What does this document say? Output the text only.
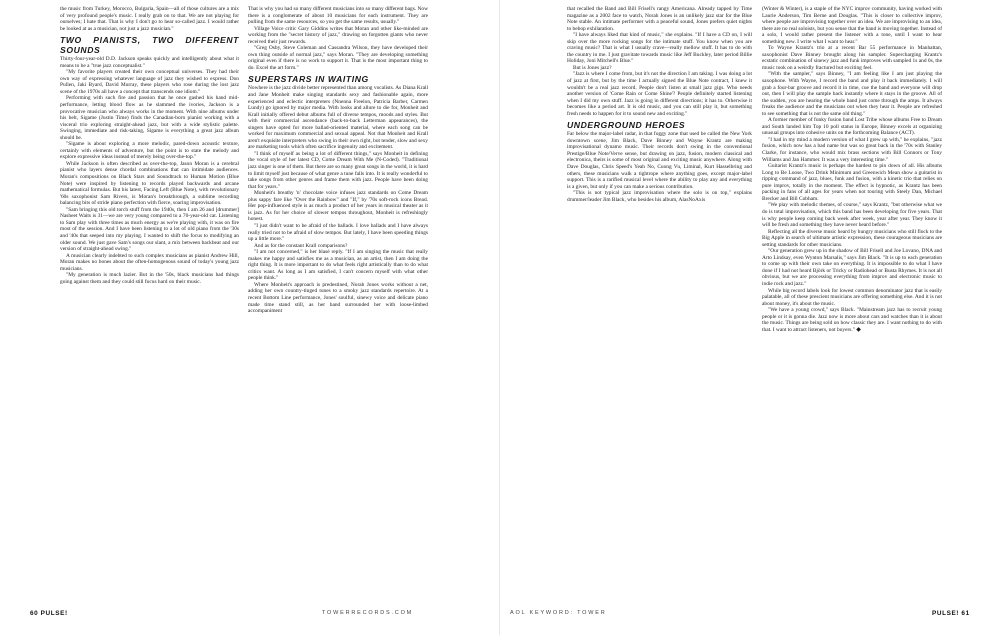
the music from Turkey, Morocco, Bulgaria, Spain—all of those cultures are a mix of very profound people's music. I really grab on to that. We are not playing for ourselves; I hate that. That is why I don't go to hear so-called jazz. I would rather be looked at as a musician, not just a jazz musician."

TWO PIANISTS, TWO DIFFERENT SOUNDS

Thirty-four-year-old D.D. Jackson speaks quickly and intelligently about what it means to be a "true jazz conceptualist."

"My favorite players created their own conceptual universes. They had their own way of expressing whatever language of jazz they wished to express. Don Pullen, Jaki Byard, David Murray, these players who rose during the lost jazz scene of the 1970s all have a concept that transcends one idiom."

Performing with such fire and passion that he once gashed his hand mid-performance, letting blood flow as he slammed the ivories, Jackson is a provocative musician who always works in the moment. With nine albums under his belt, Sigame (Justin Time) finds the Canadian-born pianist working with a visceral trio exploring straight-ahead jazz, but with a wide stylistic palette. Swinging, immediate and risk-taking, Sigame is everything a great jazz album should be.

"Sigame is about exploring a more melodic, pared-down acoustic texture, certainly with elements of adventure, but the point is to state the melody and explore expressive ideas instead of merely being over-the-top."

While Jackson is often described as over-the-top, Jason Moran is a cerebral pianist who layers dense chordal combinations that can intimidate audiences. Moran's compositions on Black Stars and Soundtrack to Human Motion (Blue Note) were inspired by listening to records played backwards and arcane mathematical formulas. But his latest, Facing Left (Blue Note), with revolutionary '60s saxophonist Sam Rivers, is Moran's breakthrough, a sublime recording balancing bits of stride piano perfection with fierce, soaring improvisation.

"Sam bringing this old torch stuff from the 1940s, then I am 26 and [drummer] Nasheet Waits is 31—we are very young compared to a 70-year-old cat. Listening to Sam play with three times as much energy as we're playing with, it was on fire most of the session. And I have been listening to a lot of old piano from the '30s and '40s that seeped into my playing. I wanted to shift the focus to modifying an older sound. We just gave Sam's songs our slant, a mix between backbeat and our version of straight-ahead swing."

A musician clearly indebted to such complex musicians as pianist Andrew Hill, Moran makes no bones about the often-homogenous sound of today's young jazz musicians.

"My generation is much lazier. But in the '50s, black musicians had things going against them and they could still focus hard on their music.

That is why you had so many different musicians into so many different bags. Now there is a conglomerate of about 10 musicians for each instrument. They are pulling from the same resources, so you get the same results, usually."

Village Voice critic Gary Giddins writes that Moran and other like-minded are working from the "secret history of jazz," drawing on forgotten giants who never received their just rewards.

"Greg Osby, Steve Coleman and Cassandra Wilson, they have developed their own thing outside of normal jazz," says Moran. "They are developing something original even if there is no work to support it. That is the most important thing to do. Excel the art form."

SUPERSTARS IN WAITING

Nowhere is the jazz divide better represented than among vocalists. As Diana Krall and Jane Monheit make singing standards sexy and fashionable again, more experienced and eclectic interpreters (Nnenna Freelon, Patricia Barber, Carmen Lundy) go ignored by major media. With looks and allure to die for, Monheit and Krall initially offered debut albums full of diverse tempos, moods and styles. But with their commercial ascendance (back-to-back Letterman appearances), the singers have opted for more ballad-oriented material, where each song can be worked for maximum commercial and sexual appeal. Not that Monheit and Krall aren't exquisite interpreters who swing in their own right, but tender, slow and sexy are marketing tools which often sacrifice ingenuity and excitement.

"I think of myself as being a lot of different things," says Monheit in defining the vocal style of her latest CD, Come Dream With Me (N-Coded). "Traditional jazz singer is one of them. But there are so many great songs in the world, it is hard to limit myself just because of what genre a tune falls into. It is really wonderful to take songs from other genres and frame them with jazz. People have been doing that for years."

Monheit's breathy 'n' chocolate voice infuses jazz standards on Come Dream plus sappy fare like "Over the Rainbow" and "If," by '70s soft-rock icons Bread. Her pop-influenced style is as much a product of her years in musical theater as it is jazz. As for her choice of slower tempos throughout, Monheit is refreshingly honest.

"I just didn't want to be afraid of the ballads. I love ballads and I have always really tried not to be afraid of slow tempos. But lately, I have been speeding things up a little more."

And as for the constant Krall comparisons?

"I am not concerned," is her blasé reply. "If I am singing the music that really makes me happy and satisfies me as a musician, as an artist, then I am doing the right thing. It is more important to do what feels right artistically than to do what critics want. As long as I am satisfied, I can't concern myself with what other people think."

Where Monheit's approach is predestined, Norah Jones works without a net, adding her own country-tinged tunes to a smoky jazz standards repertoire. At a recent Bottom Line performance, Jones' soulful, sinewy voice and delicate piano made time stand still, as her band surrounded her with loose-limbed accompaniment

that recalled the Band and Bill Frisell's rangy Americana. Already tapped by Time magazine as a 2002 face to watch, Norah Jones is an unlikely jazz star for the Blue Note stable. An intimate performer with a peaceful sound, Jones prefers quiet nights to bebop exhilaration.

"I have always liked that kind of music," she explains. "If I have a CD on, I will skip over the more rocking songs for the intimate stuff. You know when you are craving music? That is what I usually crave—really mellow stuff. It has to do with the country in me. I just gravitate towards music like Jeff Buckley, later period Billie Holiday, Joni Mitchell's Blue."

But is Jones jazz?

"Jazz is where I come from, but it's not the direction I am taking. I was doing a lot of jazz at first, but by the time I actually signed the Blue Note contract, I knew it wouldn't be a real jazz record. People don't listen at small jazz gigs. Who needs another version of 'Come Rain or Come Shine'? People definitely started listening when I did my own stuff. Jazz is going in different directions; it has to. Otherwise it becomes like a period art. It is old music, and you can still play it, but something fresh needs to happen for it to sound new and exciting."

UNDERGROUND HEROES

Far below the major-label radar, in that foggy zone that used be called the New York downtown scene, Jim Black, Dave Binney and Wayne Krantz are making improvisational dynamo music. Their records don't swing in the conventional Prestige/Blue Note/Verve sense, but drawing on jazz, fusion, modern classical and electronica, theirs is some of most original and exciting music anywhere. Along with Dave Douglas, Chris Speed's Yeah No, Cuong Vu, Liminal, Kurt Hasselbring and others, these musicians walk a tightrope where anything goes, except major-label support. This is a rarified musical level where the ability to play any and everything is a given, but only if you can make a serious contribution.

"This is not typical jazz improvisation where the solo is on top," explains drummer/leader Jim Black, who besides his album, AlasNoAxis

(Winter & Winter), is a staple of the NYC improv community, having worked with Laurie Anderson, Tim Berne and Douglas. "This is closer to collective improv, where people are improvising together over an idea. We are improvising to an idea, there are no real soloists, but you sense that the band is moving together. Instead of a solo, I would rather present the listener with a tone, until I want to hear something new. I write what I want to hear."

To Wayne Krantz's trio at a recent Bar 55 performance in Manhattan, saxophonist Dave Binney brought along his sampler. Supercharging Krantz's ecstatic combination of sinewy jazz and funk improves with sampled 1s and 0s, the music took on a weirdly fractured but exciting feel.

"With the sampler," says Binney, "I am feeling like I am just playing the saxophone. With Wayne, I record the band and play it back immediately. I will grab a four-bar groove and record it in time, cue the band and everyone will drop out, then I will play the sample back instantly where it stays in the groove. All of the sudden, you are hearing the whole band just come through the amps. It always freaks the audience and the musicians out when they hear it. People are refreshed to see something that is not the same old thing."

A former member of funky fusion band Lost Tribe whose albums Free to Dream and South landed him Top 10 poll status in Europe, Binney excels at organizing unusual groups into cohesive units on the forthcoming Balance (ACT).

"I had in my mind a modern version of what I grew up with," he explains, "jazz fusion, which now has a bad name but was so great back in the '70s with Stanley Clarke, for instance, who would mix brass sections with Bill Connors or Tony Williams and Jan Hammer. It was a very interesting time."

Guitarist Krantz's music is perhaps the hardest to pin down of all. His albums Long to Be Loose, Two Drink Minimum and Greenwich Mean show a guitarist in ripping command of jazz, blues, funk and fusion, with a kinetic trio that relies on pure improv, totally in the moment. The effect is hypnotic, as Krantz has been packing in fans of all ages for years when not touring with Steely Dan, Michael Brecker and Bill Cobham.

"We play with melodic themes, of course," says Krantz, "but otherwise what we do is total improvisation, which this band has been developing for five years. That is why people keep coming back week after week, year after year. They know it will be fresh and something they have never heard before."

Reflecting all the diverse music heard by hungry musicians who still flock to the Big Apple in search of ultimate artistic expression, these courageous musicians are setting standards for other musicians.

"Our generation grew up in the shadow of Bill Frisell and Joe Lovano, DNA and Arto Lindsay, even Wynton Marsalis," says Jim Black. "It is up to each generation to come up with their own take on everything. It is impossible to do what I have done if I had not heard Björk or Tricky or Radiohead or Busta Rhymes. It is not all obvious, but we are processing everything from improv and electronic music to indie rock and jazz."

While big record labels look for lowest common denominator jazz that is easily palatable, all of these prescient musicians are offering something else. And it is not about money, it's about the music.

"We have a young crowd," says Black. "Mainstream jazz has to recruit young people or it is gonna die. Jazz now is more about cars and watches than it is about the music. Things are being sold on how classic they are. I want nothing to do with that. I want to attract listeners, not buyers." ◆

60 PULSE!	TOWERRECORDS.COM	AOL KEYWORD: TOWER	PULSE! 61
